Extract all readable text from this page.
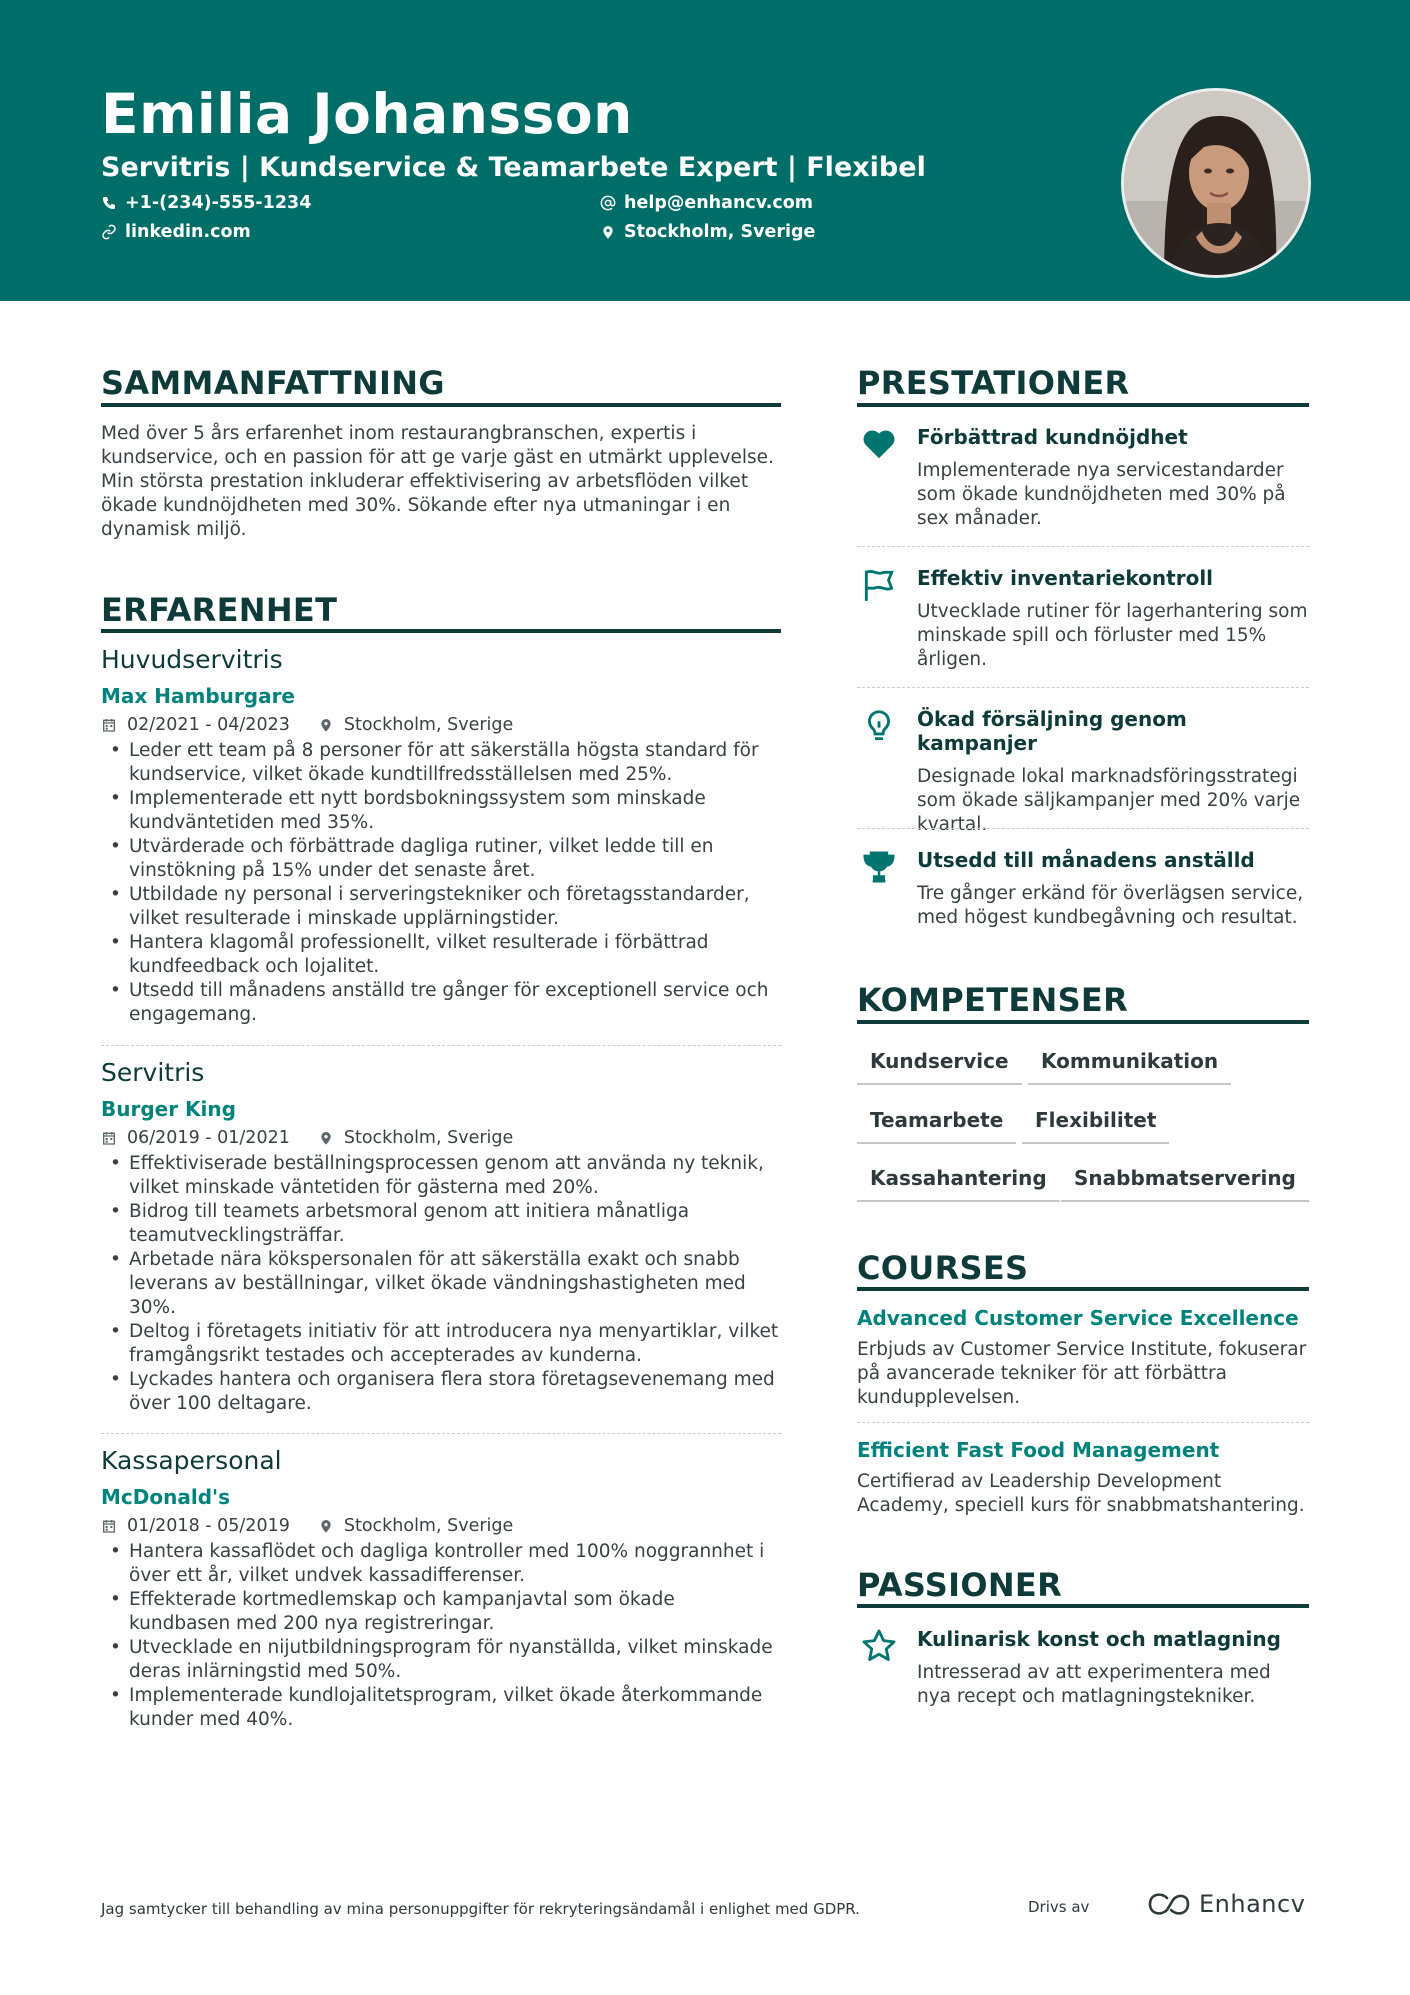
Emilia Johansson
Servitris | Kundservice & Teamarbete Expert | Flexibel
+1-(234)-555-1234	help@enhancv.com
linkedin.com	Stockholm, Sverige
SAMMANFATTNING
Med över 5 års erfarenhet inom restaurangbranschen, expertis i kundservice, och en passion för att ge varje gäst en utmärkt upplevelse. Min största prestation inkluderar effektivisering av arbetsflöden vilket ökade kundnöjdheten med 30%. Sökande efter nya utmaningar i en dynamisk miljö.
ERFARENHET
Huvudservitris
Max Hamburgare
02/2021 - 04/2023	Stockholm, Sverige
• Leder ett team på 8 personer för att säkerställa högsta standard för kundservice, vilket ökade kundtillfredsställelsen med 25%.
• Implementerade ett nytt bordsbokningssystem som minskade kundväntetiden med 35%.
• Utvärderade och förbättrade dagliga rutiner, vilket ledde till en vinstökning på 15% under det senaste året.
• Utbildade ny personal i serveringstekniker och företagsstandarder, vilket resulterade i minskade upplärningstider.
• Hantera klagomål professionellt, vilket resulterade i förbättrad kundfeedback och lojalitet.
• Utsedd till månadens anställd tre gånger för exceptionell service och engagemang.
Servitris
Burger King
06/2019 - 01/2021	Stockholm, Sverige
• Effektiviserade beställningsprocessen genom att använda ny teknik, vilket minskade väntetiden för gästerna med 20%.
• Bidrog till teamets arbetsmoral genom att initiera månatliga teamutvecklingsträffar.
• Arbetade nära kökspersonalen för att säkerställa exakt och snabb leverans av beställningar, vilket ökade vändningshastigheten med 30%.
• Deltog i företagets initiativ för att introducera nya menyartiklar, vilket framgångsrikt testades och accepterades av kunderna.
• Lyckades hantera och organisera flera stora företagsevenemang med över 100 deltagare.
Kassapersonal
McDonald's
01/2018 - 05/2019	Stockholm, Sverige
• Hantera kassaflödet och dagliga kontroller med 100% noggrannhet i över ett år, vilket undvek kassadifferenser.
• Effekterade kortmedlemskap och kampanjavtal som ökade kundbasen med 200 nya registreringar.
• Utvecklade en nijutbildningsprogram för nyanställda, vilket minskade deras inlärningstid med 50%.
• Implementerade kundlojalitetsprogram, vilket ökade återkommande kunder med 40%.
PRESTATIONER
Förbättrad kundnöjdhet
Implementerade nya servicestandarder som ökade kundnöjdheten med 30% på sex månader.
Effektiv inventariekontroll
Utvecklade rutiner för lagerhantering som minskade spill och förluster med 15% årligen.
Ökad försäljning genom kampanjer
Designade lokal marknadsföringsstrategi som ökade säljkampanjer med 20% varje kvartal.
Utsedd till månadens anställd
Tre gånger erkänd för överlägsen service, med högest kundbegåvning och resultat.
KOMPETENSER
Kundservice	Kommunikation
Teamarbete	Flexibilitet
Kassahantering	Snabbmatservering
COURSES
Advanced Customer Service Excellence
Erbjuds av Customer Service Institute, fokuserar på avancerade tekniker för att förbättra kundupplevelsen.
Efficient Fast Food Management
Certifierad av Leadership Development Academy, speciell kurs för snabbmatshantering.
PASSIONER
Kulinarisk konst och matlagning
Intresserad av att experimentera med nya recept och matlagningstekniker.
Jag samtycker till behandling av mina personuppgifter för rekryteringsändamål i enlighet med GDPR.	Drivs av	Enhancv
